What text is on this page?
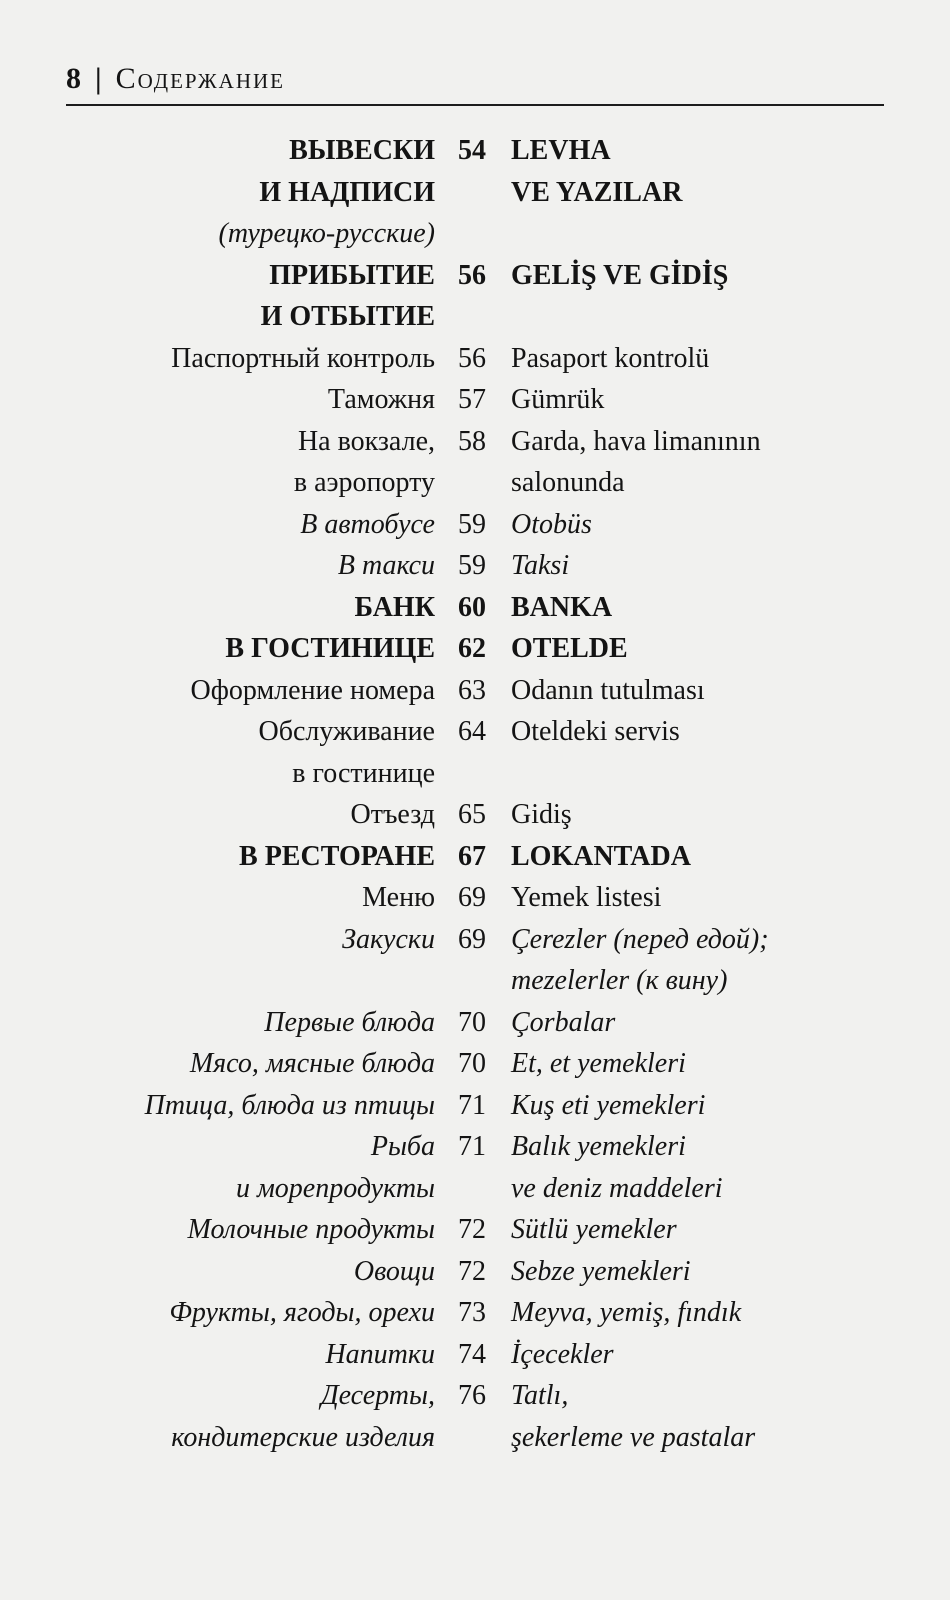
8 | Содержание
ВЫВЕСКИ 54 LEVHA
И НАДПИСИ	VE YAZILAR
(турецко-русские)
ПРИБЫТИЕ 56 GELİŞ VE GİDİŞ
И ОТБЫТИЕ
Паспортный контроль 56 Pasaport kontrolü
Таможня 57 Gümrük
На вокзале, 58 Garda, hava limanının
в аэропорту	salonunda
В автобусе 59 Otobüs
В такси 59 Taksi
БАНК 60 BANKA
В ГОСТИНИЦЕ 62 OTELDE
Оформление номера 63 Odanın tutulması
Обслуживание 64 Oteldeki servis
в гостинице
Отъезд 65 Gidiş
В РЕСТОРАНЕ 67 LOKANTADA
Меню 69 Yemek listesi
Закуски 69 Çerezler (перед едой);
mezelerler (к вину)
Первые блюда 70 Çorbalar
Мясо, мясные блюда 70 Et, et yemekleri
Птица, блюда из птицы 71 Kuş eti yemekleri
Рыба 71 Balık yemekleri
и морепродукты	ve deniz maddeleri
Молочные продукты 72 Sütlü yemekler
Овощи 72 Sebze yemekleri
Фрукты, ягоды, орехи 73 Meyva, yemiş, fındık
Напитки 74 İçecekler
Десерты, 76 Tatlı,
кондитерские изделия	şekerleme ve pastalar
